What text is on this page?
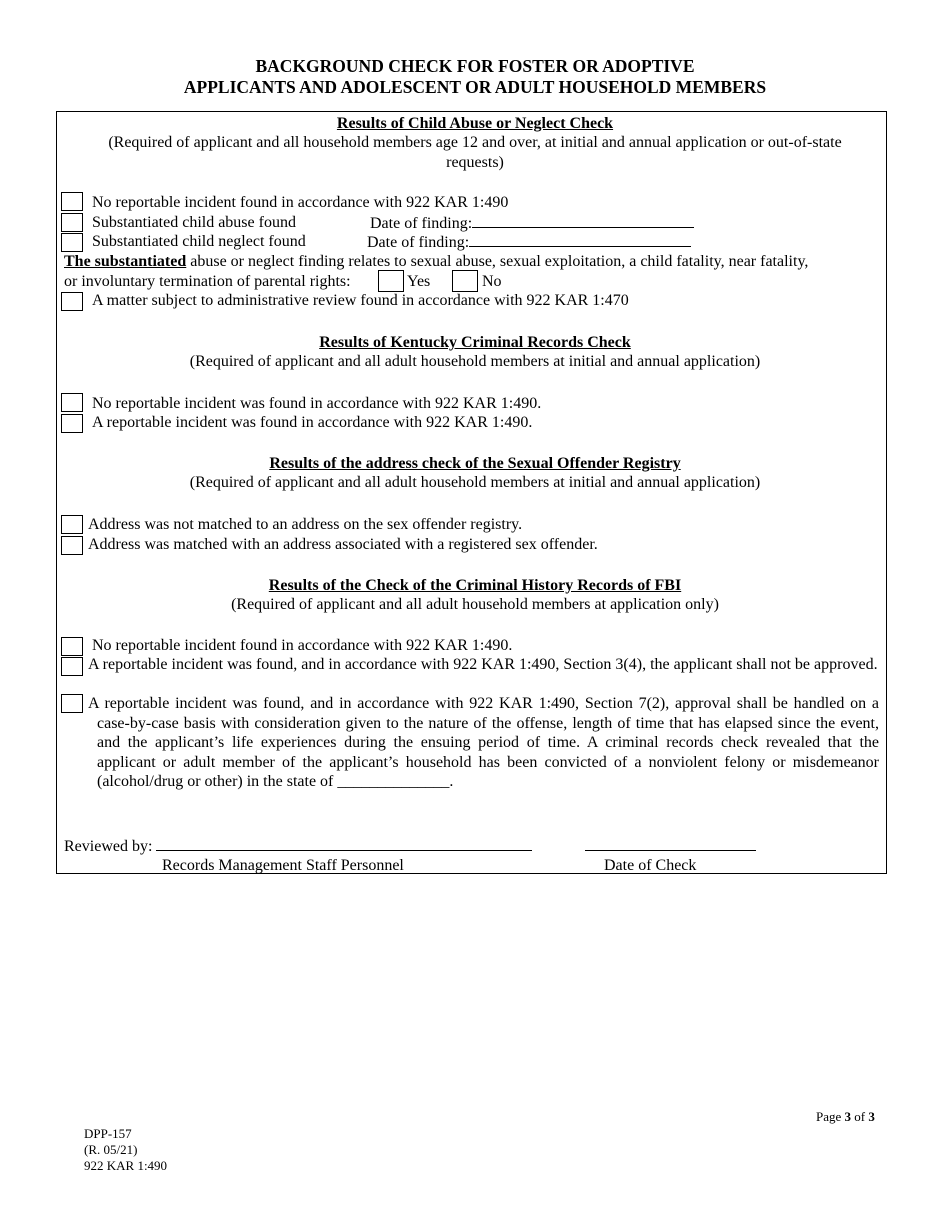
BACKGROUND CHECK FOR FOSTER OR ADOPTIVE
APPLICANTS AND ADOLESCENT OR ADULT HOUSEHOLD MEMBERS
Results of Child Abuse or Neglect Check
(Required of applicant and all household members age 12 and over, at initial and annual application or out-of-state
requests)
No reportable incident found in accordance with 922 KAR 1:490
Substantiated child abuse found	Date of finding:
Substantiated child neglect found	Date of finding:
The substantiated abuse or neglect finding relates to sexual abuse, sexual exploitation, a child fatality, near fatality,
or involuntary termination of parental rights:	Yes	No
A matter subject to administrative review found in accordance with 922 KAR 1:470
Results of Kentucky Criminal Records Check
(Required of applicant and all adult household members at initial and annual application)
No reportable incident was found in accordance with 922 KAR 1:490.
A reportable incident was found in accordance with 922 KAR 1:490.
Results of the address check of the Sexual Offender Registry
(Required of applicant and all adult household members at initial and annual application)
Address was not matched to an address on the sex offender registry.
Address was matched with an address associated with a registered sex offender.
Results of the Check of the Criminal History Records of FBI
(Required of applicant and all adult household members at application only)
No reportable incident found in accordance with 922 KAR 1:490.
A reportable incident was found, and in accordance with 922 KAR 1:490, Section 3(4), the applicant shall not be approved.
A reportable incident was found, and in accordance with 922 KAR 1:490, Section 7(2), approval shall be handled on a case-by-case basis with consideration given to the nature of the offense, length of time that has elapsed since the event, and the applicant’s life experiences during the ensuing period of time. A criminal records check revealed that the applicant or adult member of the applicant’s household has been convicted of a nonviolent felony or misdemeanor (alcohol/drug or other) in the state of ______________.
Reviewed by:
Records Management Staff Personnel	Date of Check
Page 3 of 3
DPP-157
(R. 05/21)
922 KAR 1:490
